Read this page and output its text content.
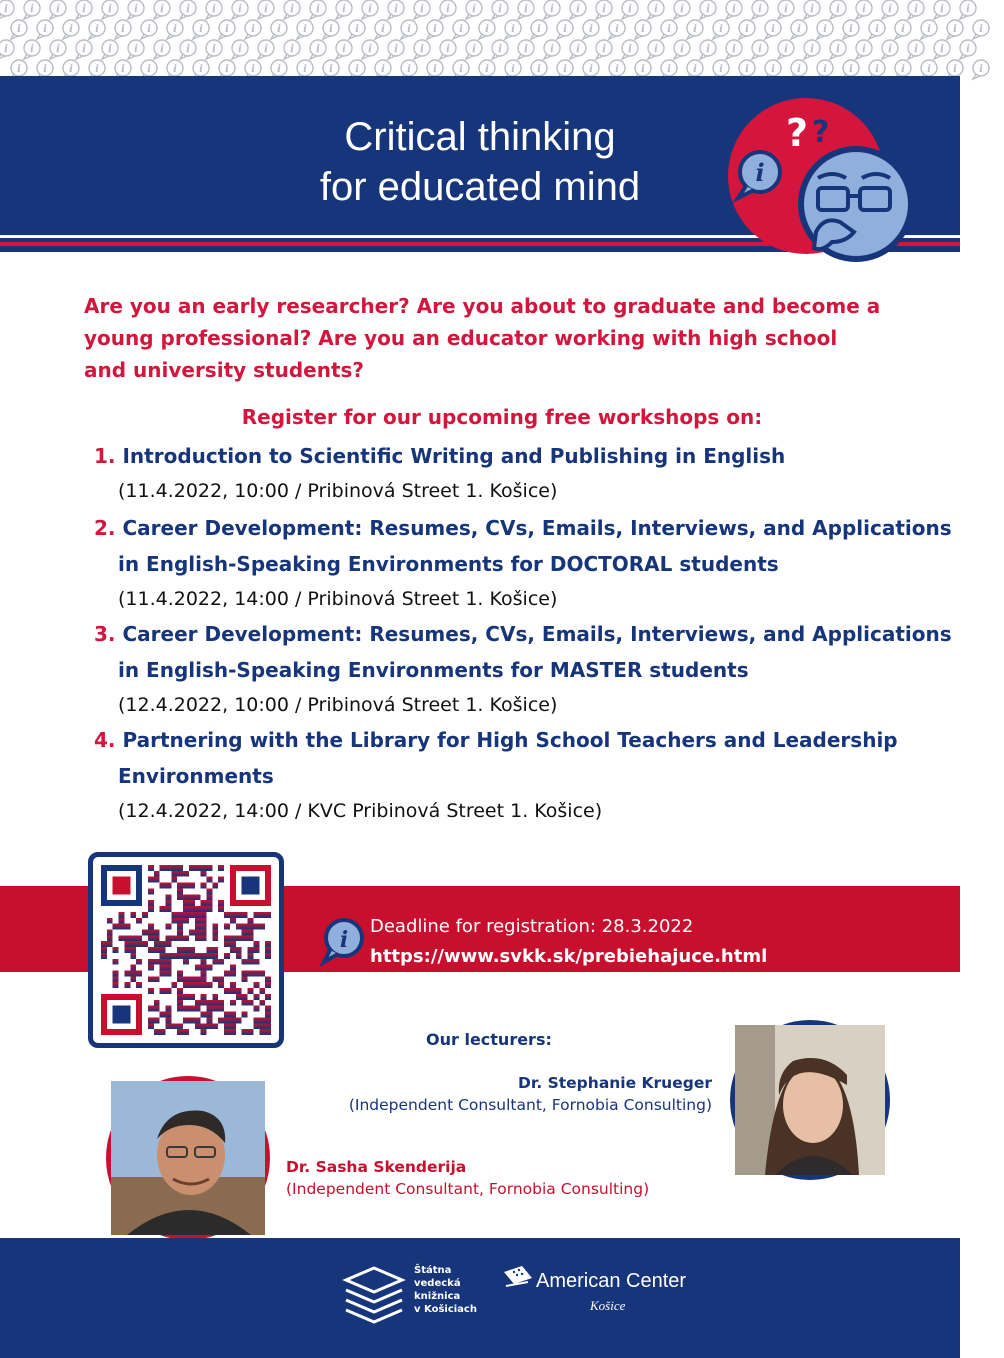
Critical thinking
for educated mind	i
? ?

Are you an early researcher? Are you about to graduate and become a young professional? Are you an educator working with high school and university students?

Register for our upcoming free workshops on:
1. Introduction to Scientific Writing and Publishing in English
(11.4.2022, 10:00 / Pribinová Street 1. Košice)
2. Career Development: Resumes, CVs, Emails, Interviews, and Applications
in English-Speaking Environments for DOCTORAL students
(11.4.2022, 14:00 / Pribinová Street 1. Košice)
3. Career Development: Resumes, CVs, Emails, Interviews, and Applications
in English-Speaking Environments for MASTER students
(12.4.2022, 10:00 / Pribinová Street 1. Košice)
4. Partnering with the Library for High School Teachers and Leadership
Environments
(12.4.2022, 14:00 / KVC Pribinová Street 1. Košice)
i
Deadline for registration: 28.3.2022
https://www.svkk.sk/prebiehajuce.html
Our lecturers:
Dr. Stephanie Krueger
(Independent Consultant, Fornobia Consulting)
Dr. Sasha Skenderija
(Independent Consultant, Fornobia Consulting)
Štátna
vedecká
knižnica
v Košiciach
American Center
Košice
